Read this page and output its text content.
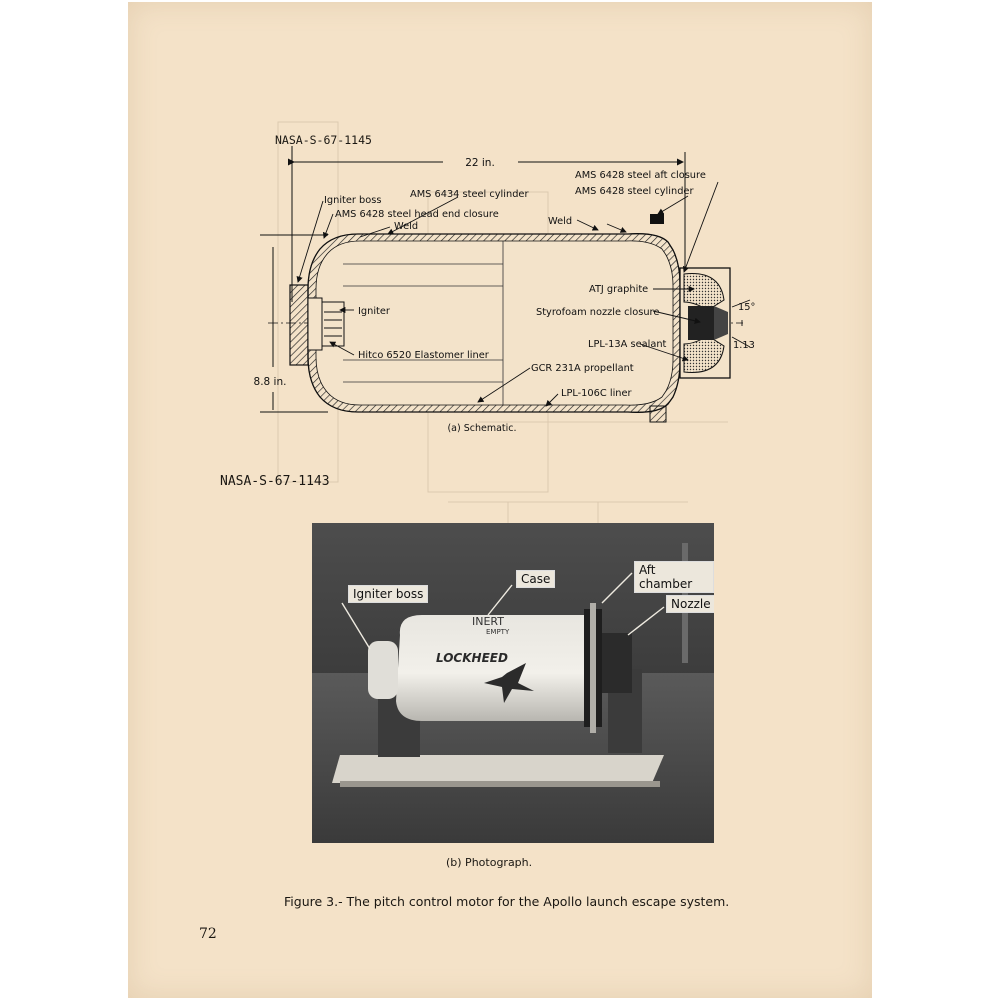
NASA-S-67-1145
22 in.
8.8 in.
Igniter boss
AMS 6428 steel head end closure
Weld
AMS 6434 steel cylinder
Weld
AMS 6428 steel aft closure
AMS 6428 steel cylinder
ATJ graphite
Igniter	Styrofoam nozzle closure
LPL-13A sealant
Hitco 6520 Elastomer liner
GCR 231A propellant
LPL-106C liner
15°
1.13
(a) Schematic.
NASA-S-67-1143
INERT
EMPTY
LOCKHEED
Igniter boss
Case
Aft chamber
Nozzle
(b) Photograph.
Figure 3.- The pitch control motor for the Apollo launch escape system.
72
